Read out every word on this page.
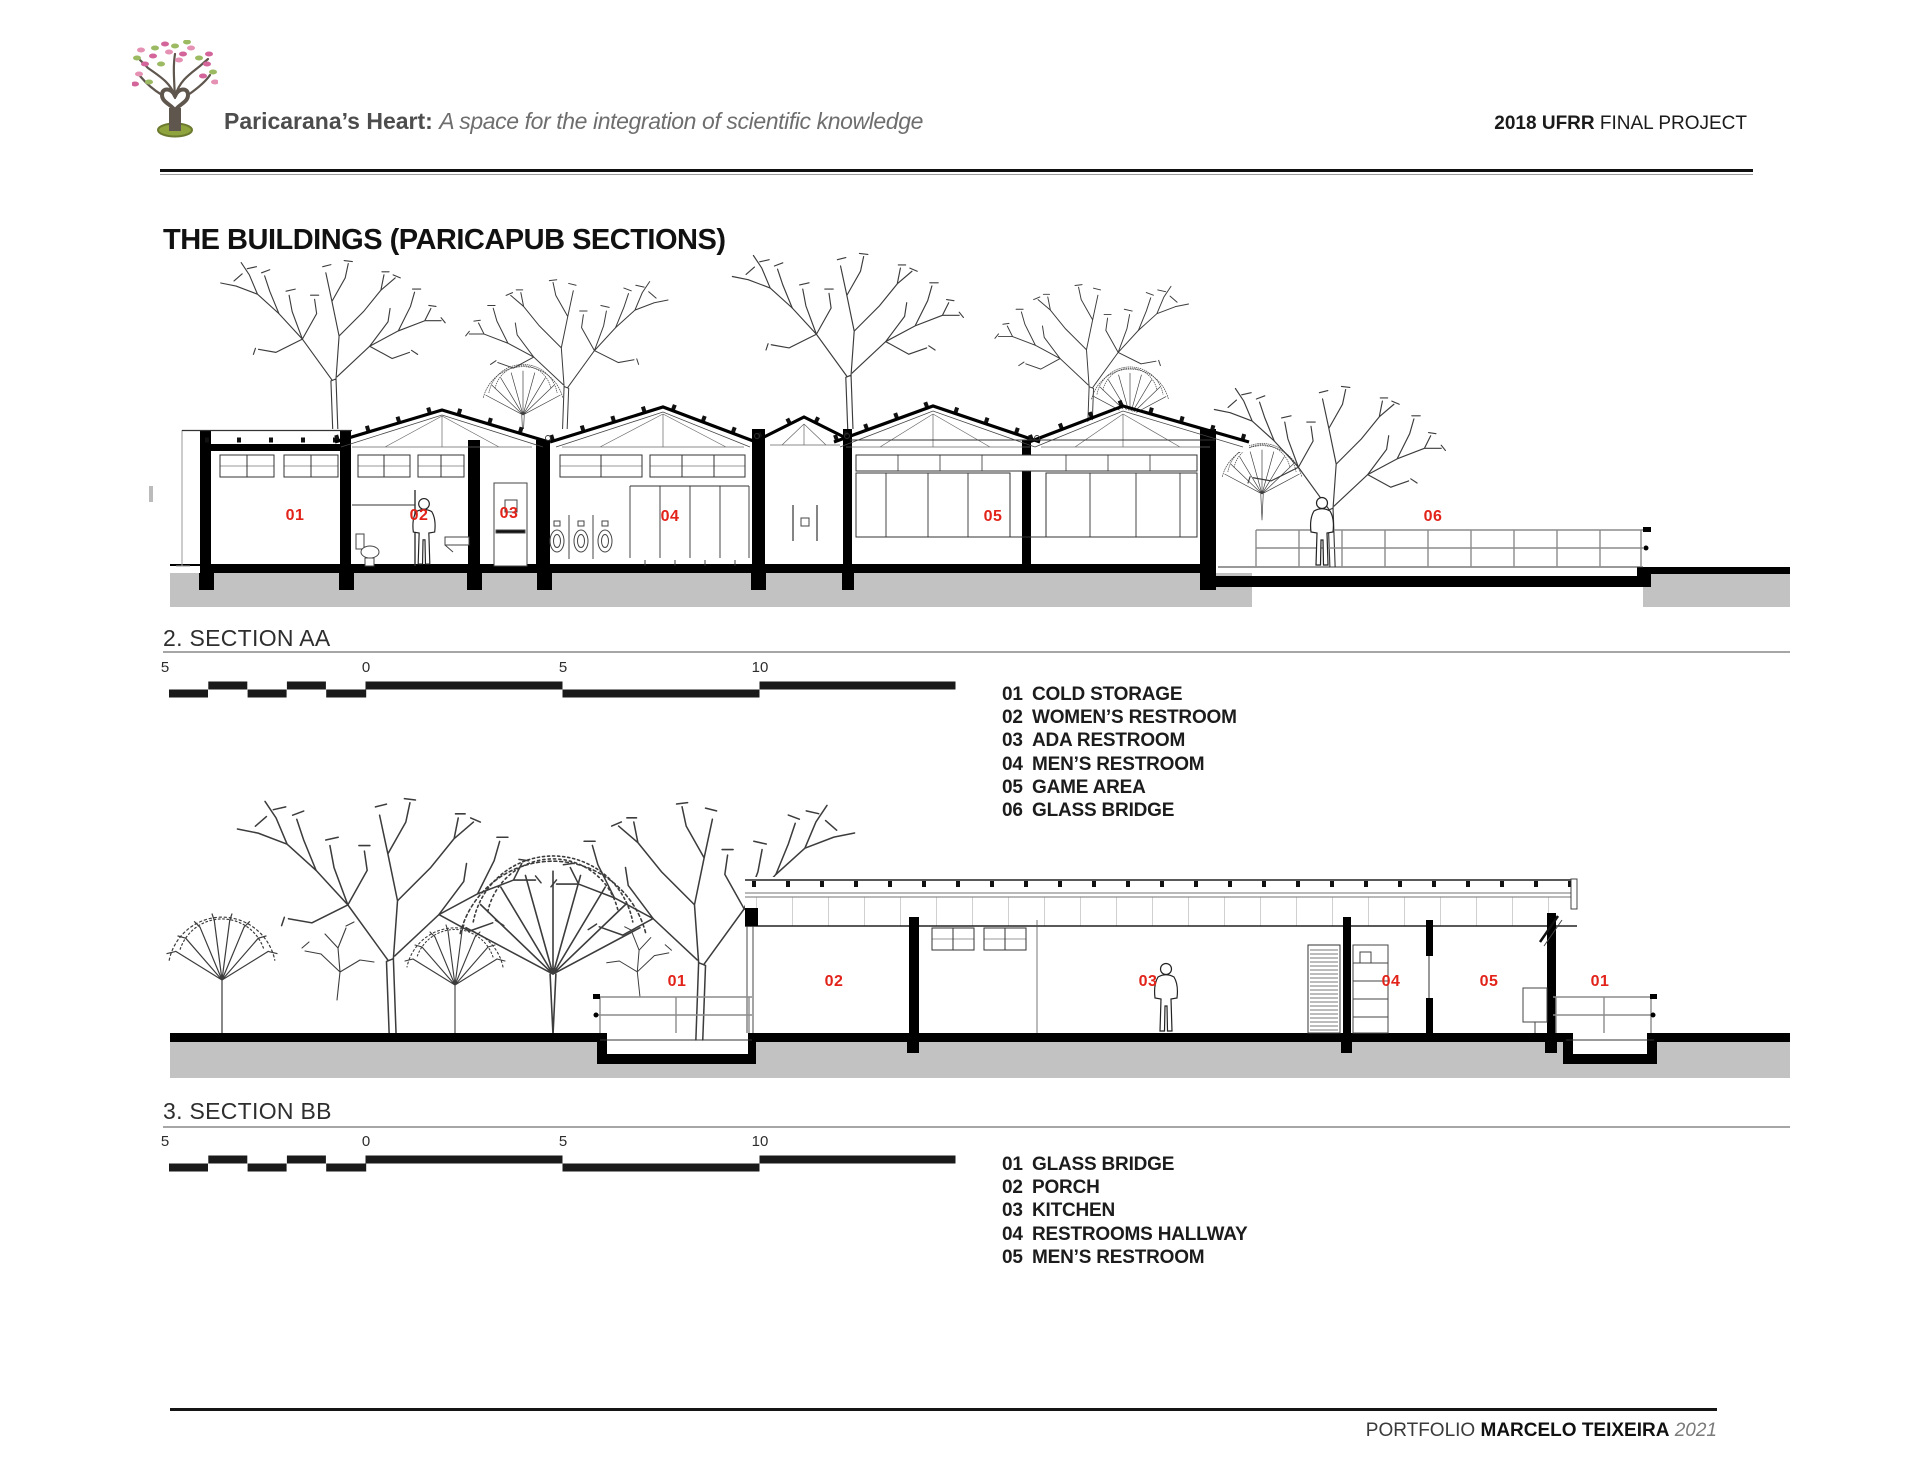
Paricarana’s Heart: A space for the integration of scientific knowledge	2018 UFRR FINAL PROJECT
THE BUILDINGS (PARICAPUB SECTIONS)
01	02	03	04	05	06
2. SECTION AA
5	0	5	10
01 COLD STORAGE
02 WOMEN’S RESTROOM
03 ADA RESTROOM
04 MEN’S RESTROOM
05 GAME AREA
06 GLASS BRIDGE
01	02	03	04	05	01
3. SECTION BB
5	0	5	10
01 GLASS BRIDGE
02 PORCH
03 KITCHEN
04 RESTROOMS HALLWAY
05 MEN’S RESTROOM
PORTFOLIO MARCELO TEIXEIRA 2021
